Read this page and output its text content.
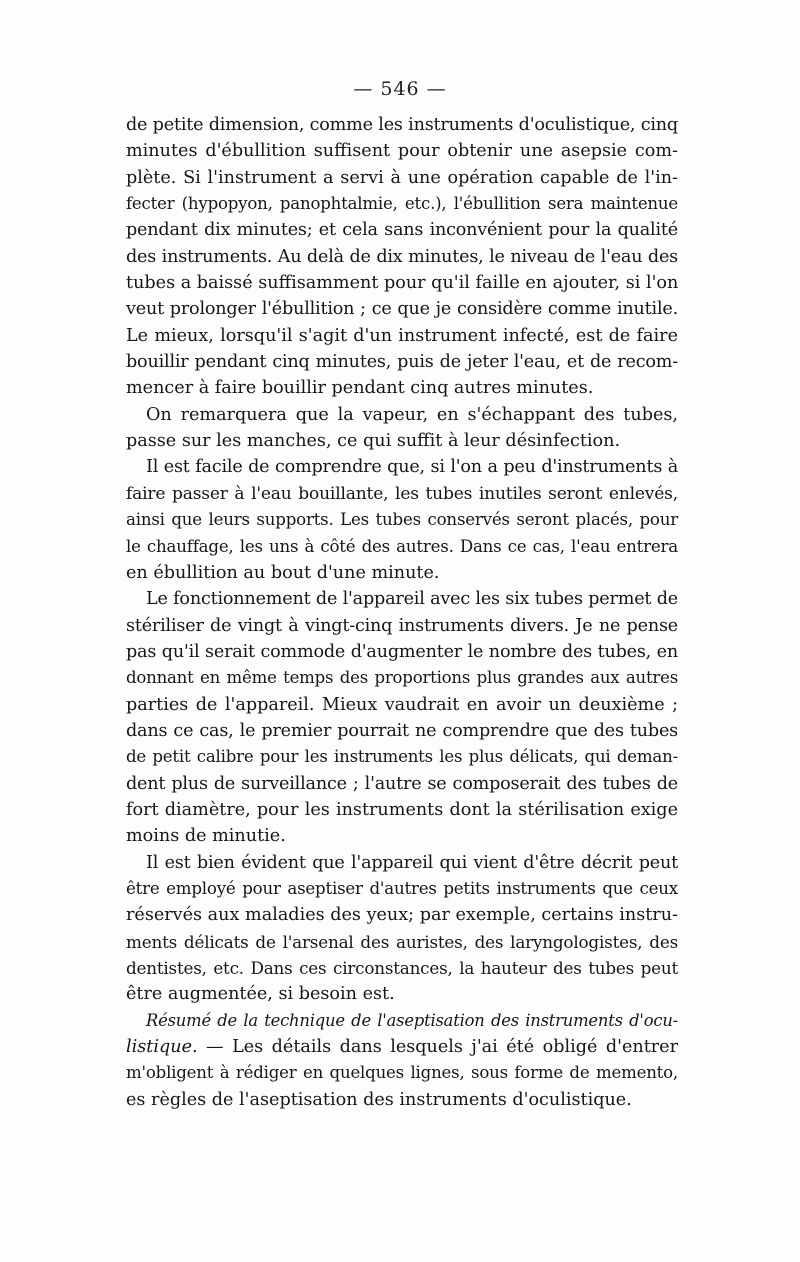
— 546 —
de petite dimension, comme les instruments d'oculistique, cinq
minutes d'ébullition suffisent pour obtenir une asepsie com-
plète. Si l'instrument a servi à une opération capable de l'in-
fecter (hypopyon, panophtalmie, etc.), l'ébullition sera maintenue
pendant dix minutes; et cela sans inconvénient pour la qualité
des instruments. Au delà de dix minutes, le niveau de l'eau des
tubes a baissé suffisamment pour qu'il faille en ajouter, si l'on
veut prolonger l'ébullition ; ce que je considère comme inutile.
Le mieux, lorsqu'il s'agit d'un instrument infecté, est de faire
bouillir pendant cinq minutes, puis de jeter l'eau, et de recom-
mencer à faire bouillir pendant cinq autres minutes.
On remarquera que la vapeur, en s'échappant des tubes,
passe sur les manches, ce qui suffit à leur désinfection.
Il est facile de comprendre que, si l'on a peu d'instruments à
faire passer à l'eau bouillante, les tubes inutiles seront enlevés,
ainsi que leurs supports. Les tubes conservés seront placés, pour
le chauffage, les uns à côté des autres. Dans ce cas, l'eau entrera
en ébullition au bout d'une minute.
Le fonctionnement de l'appareil avec les six tubes permet de
stériliser de vingt à vingt-cinq instruments divers. Je ne pense
pas qu'il serait commode d'augmenter le nombre des tubes, en
donnant en même temps des proportions plus grandes aux autres
parties de l'appareil. Mieux vaudrait en avoir un deuxième ;
dans ce cas, le premier pourrait ne comprendre que des tubes
de petit calibre pour les instruments les plus délicats, qui deman-
dent plus de surveillance ; l'autre se composerait des tubes de
fort diamètre, pour les instruments dont la stérilisation exige
moins de minutie.
Il est bien évident que l'appareil qui vient d'être décrit peut
être employé pour aseptiser d'autres petits instruments que ceux
réservés aux maladies des yeux; par exemple, certains instru-
ments délicats de l'arsenal des auristes, des laryngologistes, des
dentistes, etc. Dans ces circonstances, la hauteur des tubes peut
être augmentée, si besoin est.
Résumé de la technique de l'aseptisation des instruments d'ocu-
listique. — Les détails dans lesquels j'ai été obligé d'entrer
m'obligent à rédiger en quelques lignes, sous forme de memento,
es règles de l'aseptisation des instruments d'oculistique.
